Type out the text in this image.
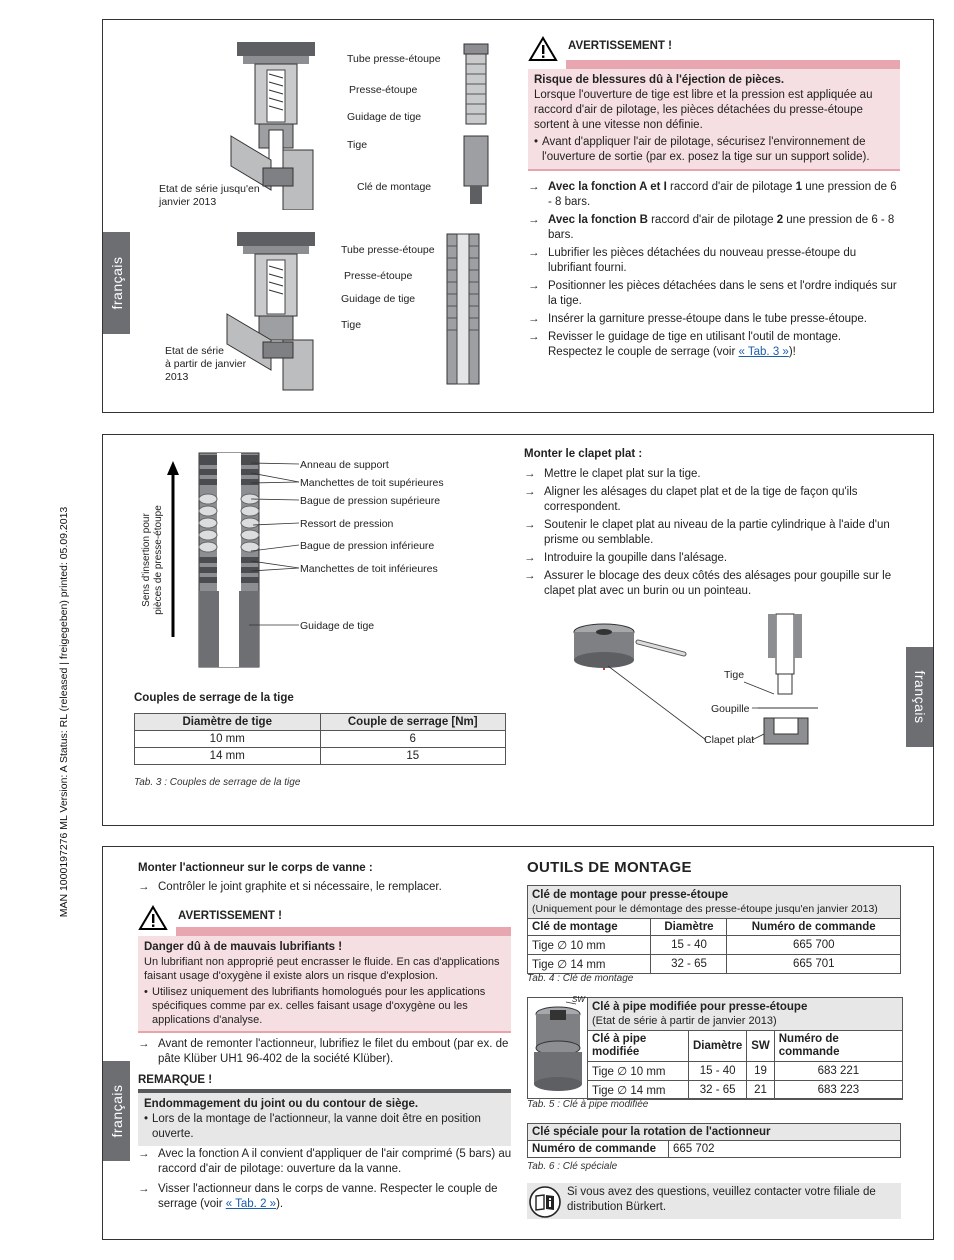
MAN 1000197276 ML Version: A Status: RL (released | freigegeben) printed: 05.09.2013
français
Tube presse-étoupe
Presse-étoupe
Guidage de tige
Tige
Clé de montage
Etat de série jusqu'en
janvier 2013
Tube presse-étoupe
Presse-étoupe
Guidage de tige
Tige
Etat de série
à partir de janvier
2013
AVERTISSEMENT !
Risque de blessures dû à l'éjection de pièces.
Lorsque l'ouverture de tige est libre et la pression est appliquée au raccord d'air de pilotage, les pièces détachées du presse-étoupe sortent à une vitesse non définie.
• Avant d'appliquer l'air de pilotage, sécurisez l'environnement de l'ouverture de sortie (par ex. posez la tige sur un support solide).
→ Avec la fonction A et I raccord d'air de pilotage 1 une pression de 6 - 8 bars.
→ Avec la fonction B raccord d'air de pilotage 2 une pression de 6 - 8 bars.
→ Lubrifier les pièces détachées du nouveau presse-étoupe du lubrifiant fourni.
→ Positionner les pièces détachées dans le sens et l'ordre indiqués sur la tige.
→ Insérer la garniture presse-étoupe dans le tube presse-étoupe.
→ Revisser le guidage de tige en utilisant l'outil de montage. Respectez le couple de serrage (voir « Tab. 3 »)!
français
Sens d'insertion pour pièces de presse-étoupe
Anneau de support
Manchettes de toit supérieures
Bague de pression supérieure
Ressort de pression
Bague de pression inférieure
Manchettes de toit inférieures
Guidage de tige
Couples de serrage de la tige
Diamètre de tige	Couple de serrage [Nm]
10 mm	6
14 mm	15
Tab. 3 : Couples de serrage de la tige
Monter le clapet plat :
→ Mettre le clapet plat sur la tige.
→ Aligner les alésages du clapet plat et de la tige de façon qu'ils correspondent.
→ Soutenir le clapet plat au niveau de la partie cylindrique à l'aide d'un prisme ou semblable.
→ Introduire la goupille dans l'alésage.
→ Assurer le blocage des deux côtés des alésages pour goupille sur le clapet plat avec un burin ou un pointeau.
Tige
Goupille
Clapet plat
français
Monter l'actionneur sur le corps de vanne :
→ Contrôler le joint graphite et si nécessaire, le remplacer.
AVERTISSEMENT !
Danger dû à de mauvais lubrifiants !
Un lubrifiant non approprié peut encrasser le fluide. En cas d'applications faisant usage d'oxygène il existe alors un risque d'explosion.
• Utilisez uniquement des lubrifiants homologués pour les applications spécifiques comme par ex. celles faisant usage d'oxygène ou les applications d'analyse.
→ Avant de remonter l'actionneur, lubrifiez le filet du embout (par ex. de pâte Klüber UH1 96-402 de la société Klüber).
REMARQUE !
Endommagement du joint ou du contour de siège.
• Lors de la montage de l'actionneur, la vanne doit être en position ouverte.
→ Avec la fonction A il convient d'appliquer de l'air comprimé (5 bars) au raccord d'air de pilotage: ouverture da la vanne.
→ Visser l'actionneur dans le corps de vanne. Respecter le couple de serrage (voir « Tab. 2 »).
OUTILS DE MONTAGE
Clé de montage pour presse-étoupe
(Uniquement pour le démontage des presse-étoupe jusqu'en janvier 2013)		

Clé de montage	Diamètre	Numéro de commande
Tige ∅ 10 mm	15 - 40	665 700
Tige ∅ 14 mm	32 - 65	665 701
Tab. 4 : Clé de montage
SW
Clé à pipe modifiée pour presse-étoupe
(Etat de série à partir de janvier 2013)			

Clé à pipe modifiée	Diamètre	SW	Numéro de commande
Tige ∅ 10 mm	15 - 40	19	683 221
Tige ∅ 14 mm	32 - 65	21	683 223
Tab. 5 : Clé à pipe modifiée
Clé spéciale pour la rotation de l'actionneur
Numéro de commande	665 702
Tab. 6 : Clé spéciale
Si vous avez des questions, veuillez contacter votre filiale de distribution Bürkert.
